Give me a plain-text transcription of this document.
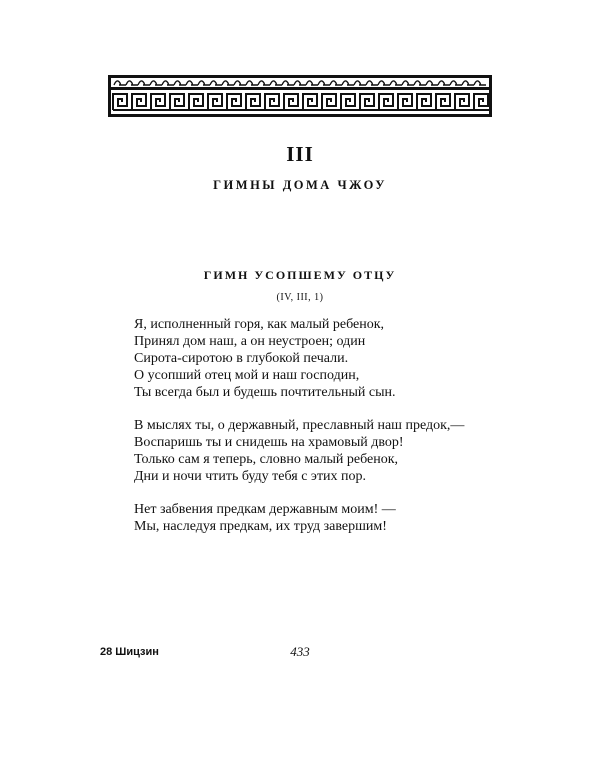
III
ГИМНЫ ДОМА ЧЖОУ
ГИМН УСОПШЕМУ ОТЦУ
(IV, III, 1)
Я, исполненный горя, как малый ребенок,
Принял дом наш, а он неустроен; один
Сирота-сиротою в глубокой печали.
О усопший отец мой и наш господин,
Ты всегда был и будешь почтительный сын.
В мыслях ты, о державный, преславный наш предок,—
Воспаришь ты и снидешь на храмовый двор!
Только сам я теперь, словно малый ребенок,
Дни и ночи чтить буду тебя с этих пор.
Нет забвения предкам державным моим! —
Мы, наследуя предкам, их труд завершим!
28 Шицзин	433
